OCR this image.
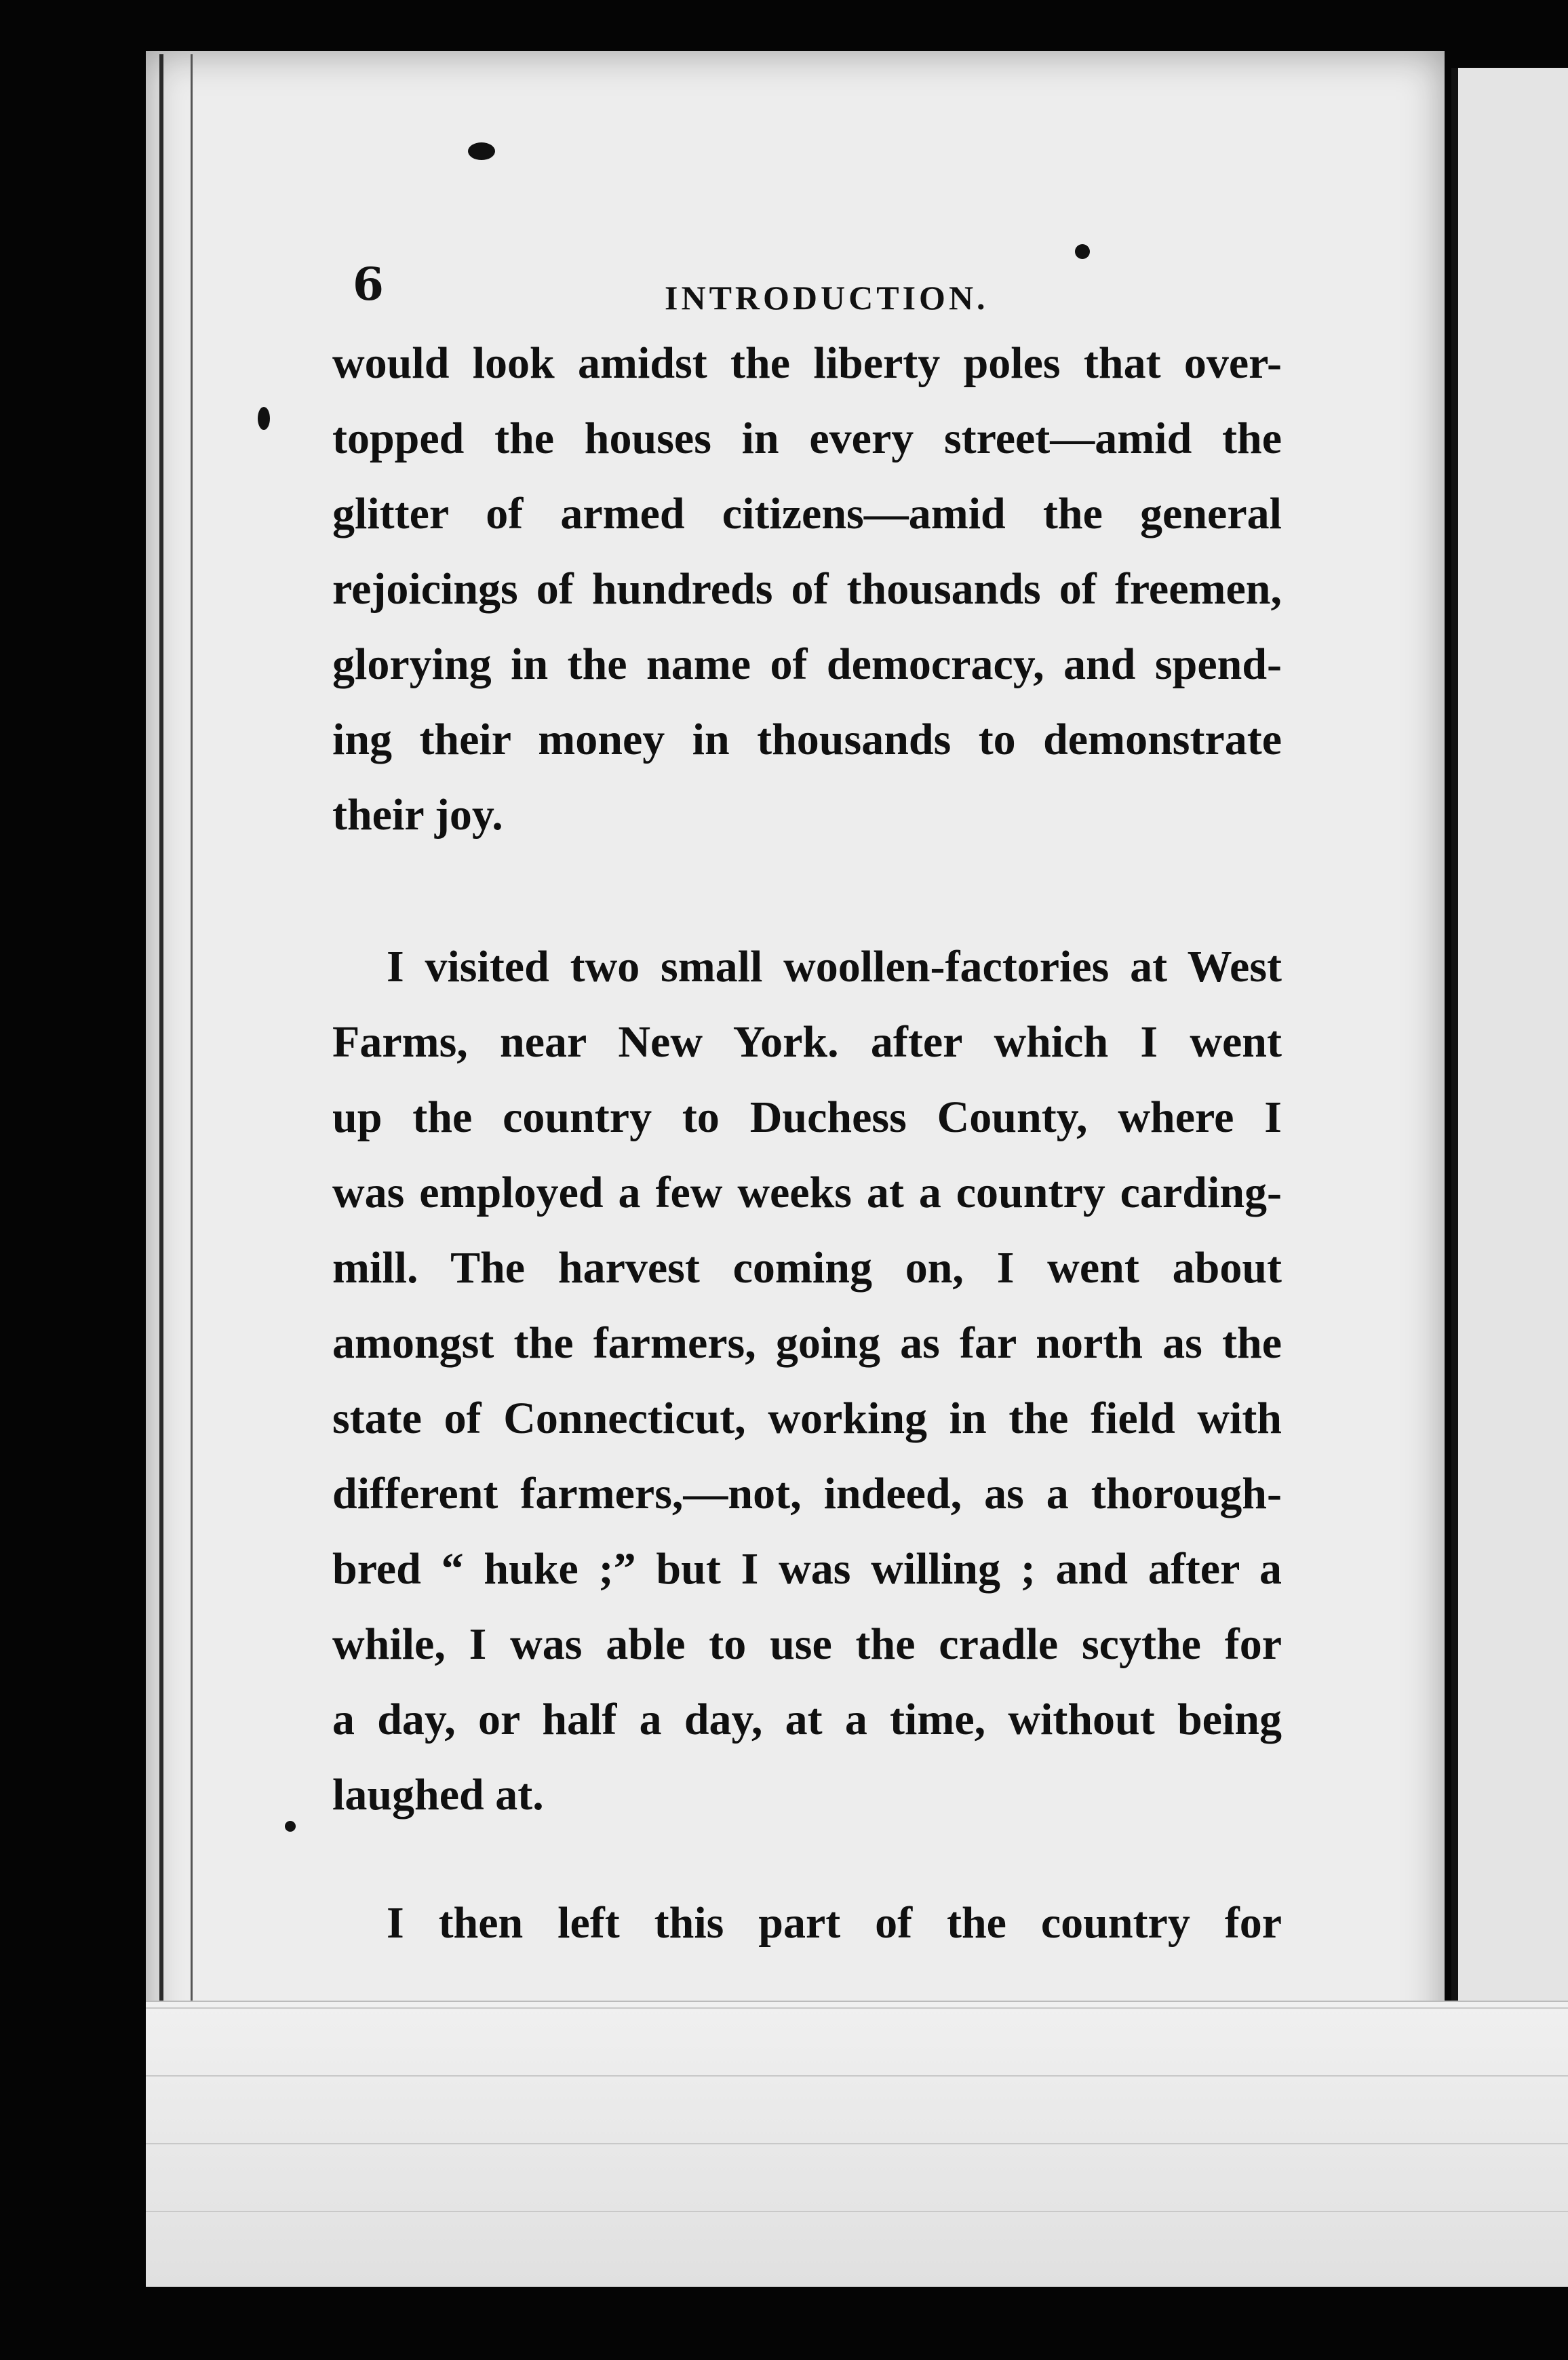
6	INTRODUCTION.
would look amidst the liberty poles that over-
topped the houses in every street—amid the
glitter of armed citizens—amid the general
rejoicings of hundreds of thousands of freemen,
glorying in the name of democracy, and spend-
ing their money in thousands to demonstrate
their joy.
I visited two small woollen-factories at West
Farms, near New York. after which I went
up the country to Duchess County, where I
was employed a few weeks at a country carding-
mill. The harvest coming on, I went about
amongst the farmers, going as far north as the
state of Connecticut, working in the field with
different farmers,—not, indeed, as a thorough-
bred “ huke ;” but I was willing ; and after a
while, I was able to use the cradle scythe for
a day, or half a day, at a time, without being
laughed at.
I then left this part of the country for
